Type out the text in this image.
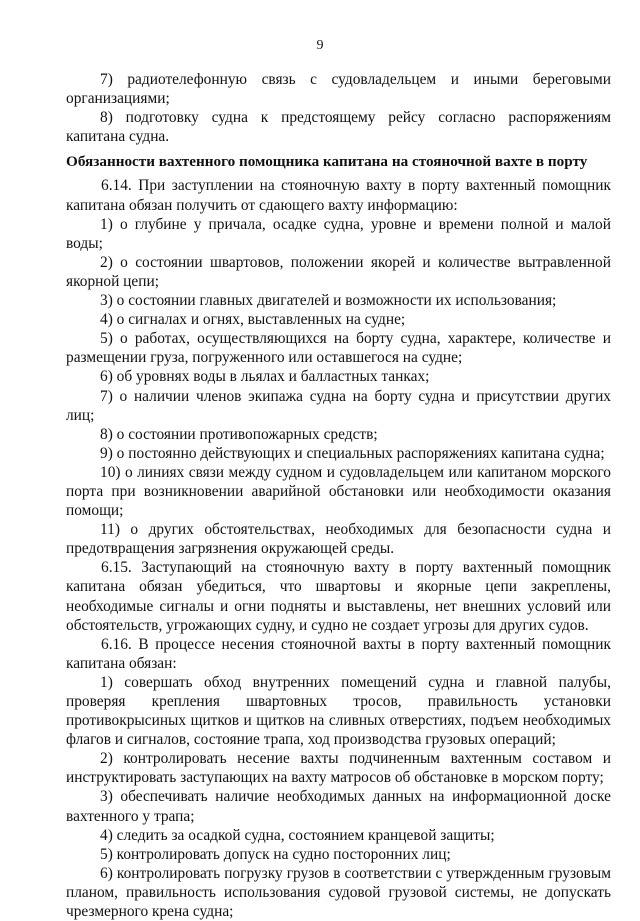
9

7) радиотелефонную связь с судовладельцем и иными береговыми организациями;

8) подготовку судна к предстоящему рейсу согласно распоряжениям капитана судна.

Обязанности вахтенного помощника капитана на стояночной вахте в порту

6.14. При заступлении на стояночную вахту в порту вахтенный помощник капитана обязан получить от сдающего вахту информацию:

1) о глубине у причала, осадке судна, уровне и времени полной и малой воды;

2) о состоянии швартовов, положении якорей и количестве вытравленной якорной цепи;

3) о состоянии главных двигателей и возможности их использования;

4) о сигналах и огнях, выставленных на судне;

5) о работах, осуществляющихся на борту судна, характере, количестве и размещении груза, погруженного или оставшегося на судне;

6) об уровнях воды в льялах и балластных танках;

7) о наличии членов экипажа судна на борту судна и присутствии других лиц;

8) о состоянии противопожарных средств;

9) о постоянно действующих и специальных распоряжениях капитана судна;

10) о линиях связи между судном и судовладельцем или капитаном морского порта при возникновении аварийной обстановки или необходимости оказания помощи;

11) о других обстоятельствах, необходимых для безопасности судна и предотвращения загрязнения окружающей среды.

6.15. Заступающий на стояночную вахту в порту вахтенный помощник капитана обязан убедиться, что швартовы и якорные цепи закреплены, необходимые сигналы и огни подняты и выставлены, нет внешних условий или обстоятельств, угрожающих судну, и судно не создает угрозы для других судов.

6.16. В процессе несения стояночной вахты в порту вахтенный помощник капитана обязан:

1) совершать обход внутренних помещений судна и главной палубы, проверяя крепления швартовных тросов, правильность установки противокрысиных щитков и щитков на сливных отверстиях, подъем необходимых флагов и сигналов, состояние трапа, ход производства грузовых операций;

2) контролировать несение вахты подчиненным вахтенным составом и инструктировать заступающих на вахту матросов об обстановке в морском порту;

3) обеспечивать наличие необходимых данных на информационной доске вахтенного у трапа;

4) следить за осадкой судна, состоянием кранцевой защиты;

5) контролировать допуск на судно посторонних лиц;

6) контролировать погрузку грузов в соответствии с утвержденным грузовым планом, правильность использования судовой грузовой системы, не допускать чрезмерного крена судна;
